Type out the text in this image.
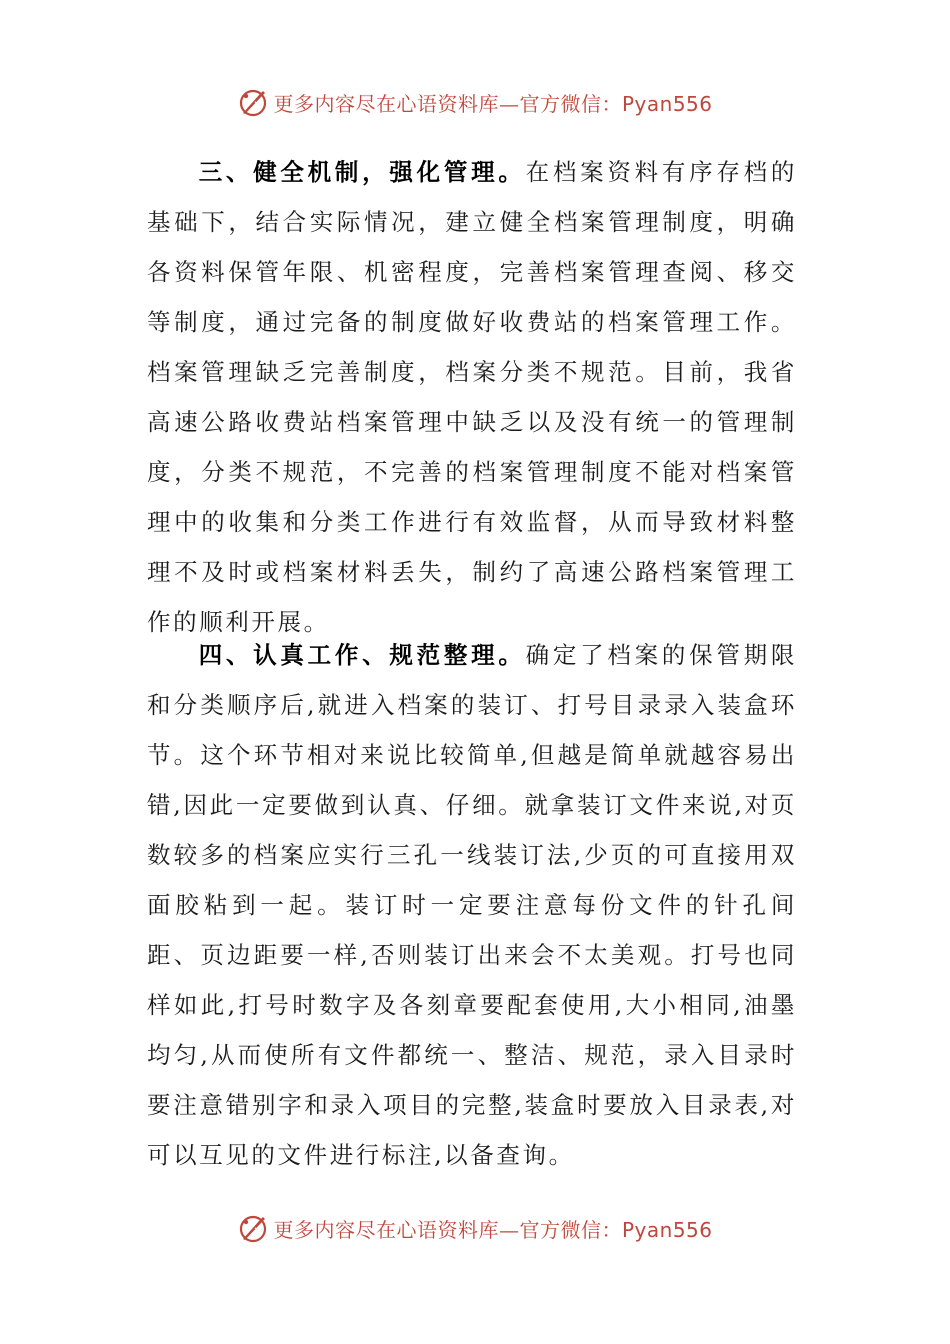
更多内容尽在心语资料库—官方微信：Pyan556
三、健全机制，强化管理。在档案资料有序存档的基础下，结合实际情况，建立健全档案管理制度，明确各资料保管年限、机密程度，完善档案管理查阅、移交等制度，通过完备的制度做好收费站的档案管理工作。档案管理缺乏完善制度，档案分类不规范。目前，我省高速公路收费站档案管理中缺乏以及没有统一的管理制度，分类不规范，不完善的档案管理制度不能对档案管理中的收集和分类工作进行有效监督，从而导致材料整理不及时或档案材料丢失，制约了高速公路档案管理工作的顺利开展。
四、认真工作、规范整理。确定了档案的保管期限和分类顺序后,就进入档案的装订、打号目录录入装盒环节。这个环节相对来说比较简单,但越是简单就越容易出错,因此一定要做到认真、仔细。就拿装订文件来说,对页数较多的档案应实行三孔一线装订法,少页的可直接用双面胶粘到一起。装订时一定要注意每份文件的针孔间距、页边距要一样,否则装订出来会不太美观。打号也同样如此,打号时数字及各刻章要配套使用,大小相同,油墨均匀,从而使所有文件都统一、整洁、规范，录入目录时要注意错别字和录入项目的完整,装盒时要放入目录表,对可以互见的文件进行标注,以备查询。
更多内容尽在心语资料库—官方微信：Pyan556
